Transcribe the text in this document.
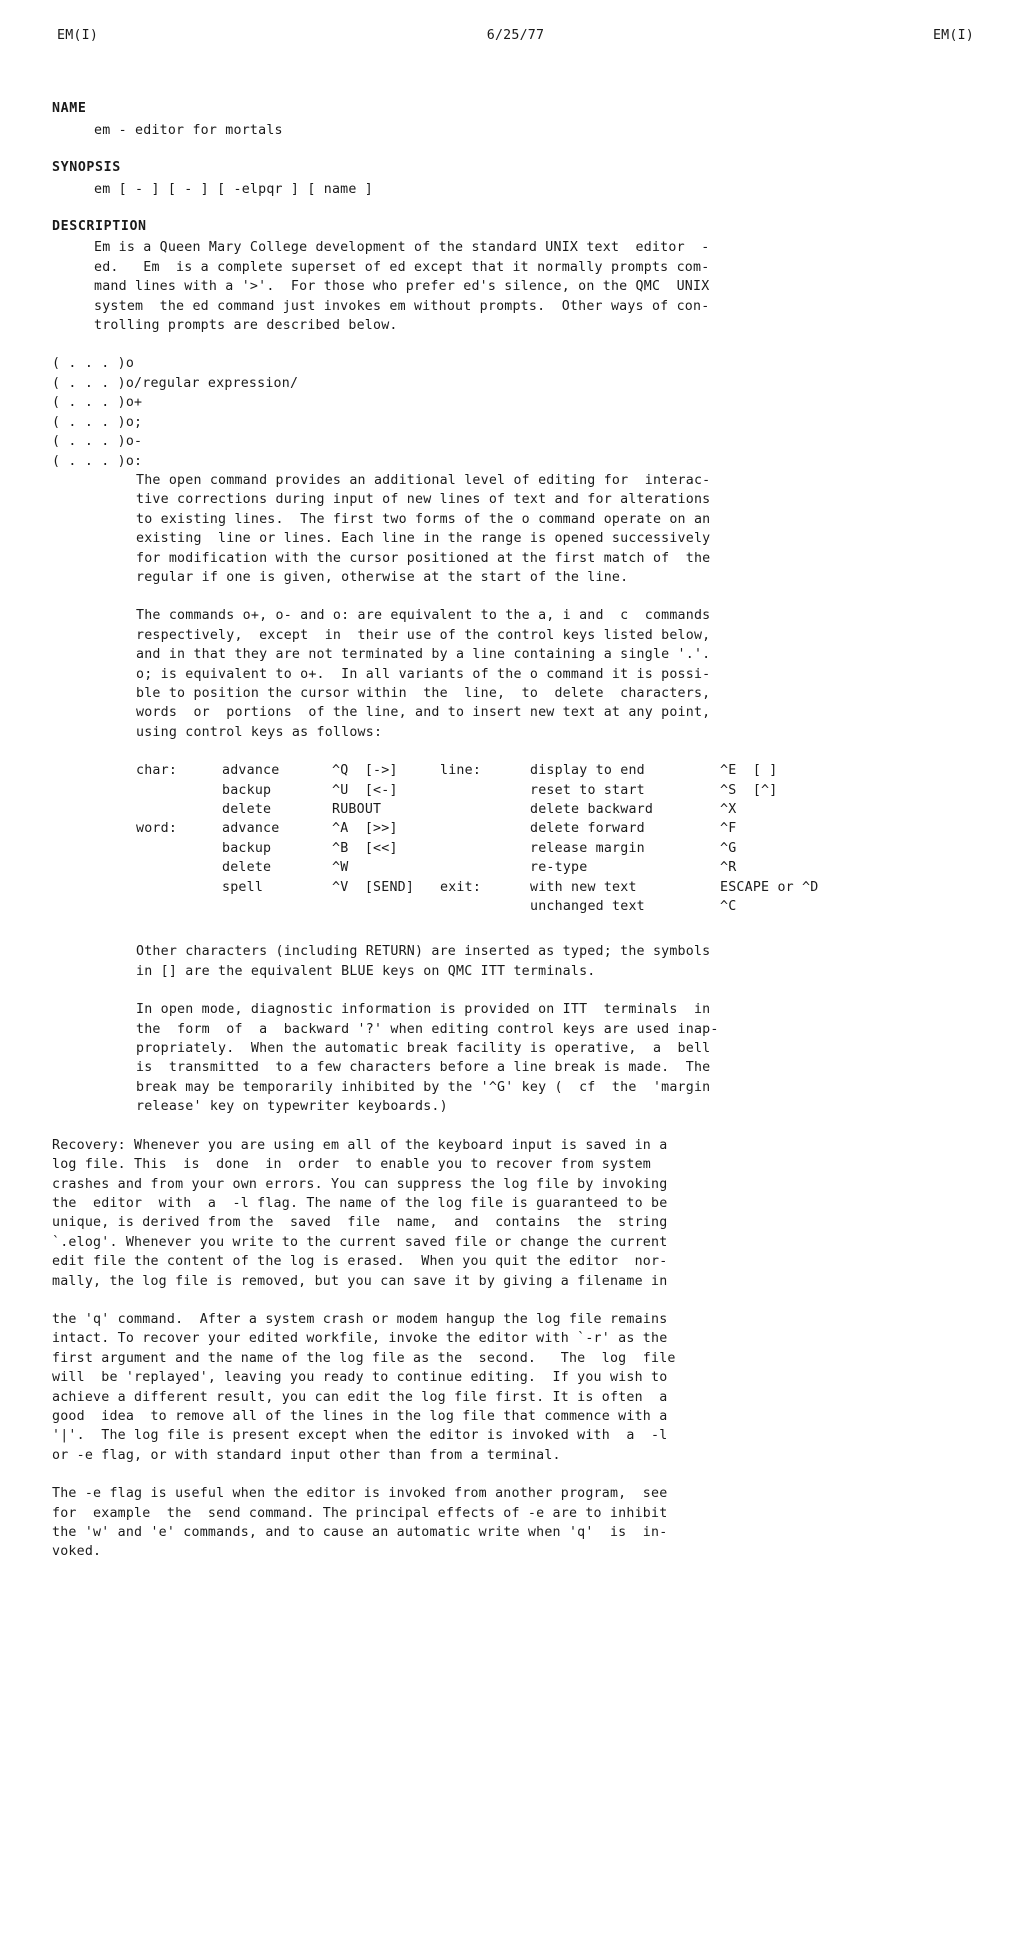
EM(I)	6/25/77	EM(I)
NAME
em - editor for mortals
SYNOPSIS
em [ - ] [ - ] [ -elpqr ] [ name ]
DESCRIPTION
Em is a Queen Mary College development of the standard UNIX text  editor  -
ed.   Em  is a complete superset of ed except that it normally prompts com-
mand lines with a '>'.  For those who prefer ed's silence, on the QMC  UNIX
system  the ed command just invokes em without prompts.  Other ways of con-
trolling prompts are described below.
( . . . )o
( . . . )o/regular expression/
( . . . )o+
( . . . )o;
( . . . )o-
( . . . )o:
The open command provides an additional level of editing for  interac-
tive corrections during input of new lines of text and for alterations
to existing lines.  The first two forms of the o command operate on an
existing  line or lines. Each line in the range is opened successively
for modification with the cursor positioned at the first match of  the
regular if one is given, otherwise at the start of the line.
The commands o+, o- and o: are equivalent to the a, i and  c  commands
respectively,  except  in  their use of the control keys listed below,
and in that they are not terminated by a line containing a single '.'.
o; is equivalent to o+.  In all variants of the o command it is possi-
ble to position the cursor within  the  line,  to  delete  characters,
words  or  portions  of the line, and to insert new text at any point,
using control keys as follows:
char:	advance	^Q  [->]	line:	display to end	^E  [ ]
	backup	^U  [<-]		reset to start	^S  [^]
	delete	RUBOUT		delete backward	^X
word:	advance	^A  [>>]		delete forward	^F
	backup	^B  [<<]		release margin	^G
	delete	^W		re-type	^R
	spell	^V  [SEND]	exit:	with new text	ESCAPE or ^D
				unchanged text	^C
Other characters (including RETURN) are inserted as typed; the symbols
in [] are the equivalent BLUE keys on QMC ITT terminals.
In open mode, diagnostic information is provided on ITT  terminals  in
the  form  of  a  backward '?' when editing control keys are used inap-
propriately.  When the automatic break facility is operative,  a  bell
is  transmitted  to a few characters before a line break is made.  The
break may be temporarily inhibited by the '^G' key (  cf  the  'margin
release' key on typewriter keyboards.)
Recovery: Whenever you are using em all of the keyboard input is saved in a
log file. This  is  done  in  order  to enable you to recover from system
crashes and from your own errors. You can suppress the log file by invoking
the  editor  with  a  -l flag. The name of the log file is guaranteed to be
unique, is derived from the  saved  file  name,  and  contains  the  string
`.elog'. Whenever you write to the current saved file or change the current
edit file the content of the log is erased.  When you quit the editor  nor-
mally, the log file is removed, but you can save it by giving a filename in
the 'q' command.  After a system crash or modem hangup the log file remains
intact. To recover your edited workfile, invoke the editor with `-r' as the
first argument and the name of the log file as the  second.   The  log  file
will  be 'replayed', leaving you ready to continue editing.  If you wish to
achieve a different result, you can edit the log file first. It is often  a
good  idea  to remove all of the lines in the log file that commence with a
'|'.  The log file is present except when the editor is invoked with  a  -l
or -e flag, or with standard input other than from a terminal.
The -e flag is useful when the editor is invoked from another program,  see
for  example  the  send command. The principal effects of -e are to inhibit
the 'w' and 'e' commands, and to cause an automatic write when 'q'  is  in-
voked.
